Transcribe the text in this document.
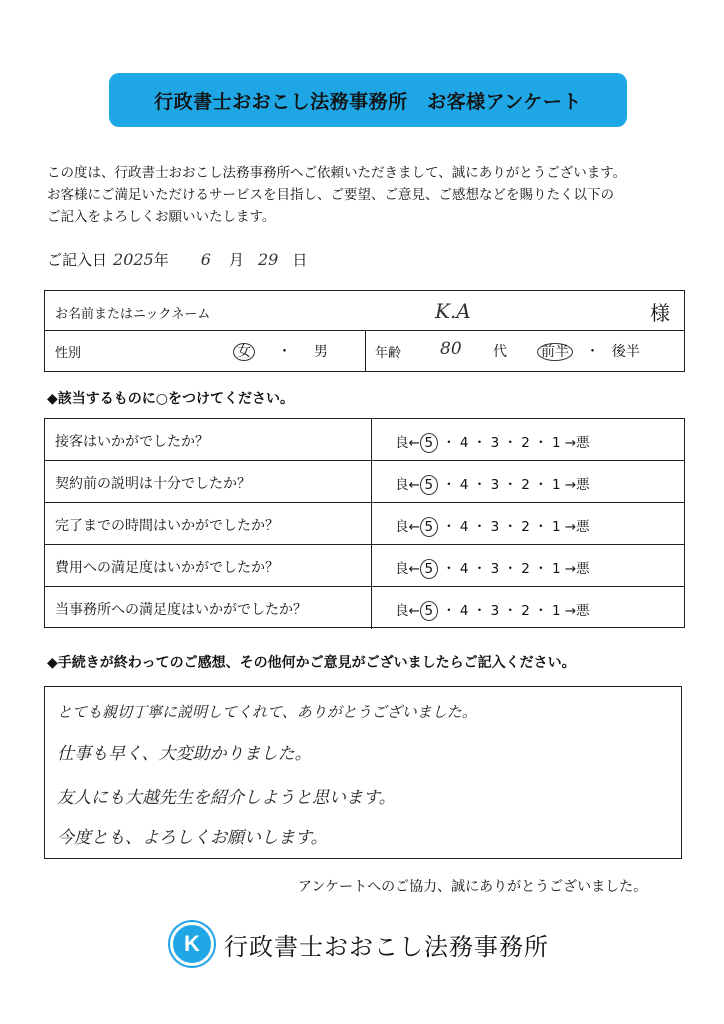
行政書士おおこし法務事務所　お客様アンケート
この度は、行政書士おおこし法務事務所へご依頼いただきまして、誠にありがとうございます。
お客様にご満足いただけるサービスを目指し、ご要望、ご意見、ご感想などを賜りたく以下の
ご記入をよろしくお願いいたします。
ご記入日 2025 年 6 月 29 日
お名前またはニックネーム	K.A	様
性別	女 ・ 男	年齢 80 代 前半 ・ 後半
◆該当するものに○をつけてください。
接客はいかがでしたか？	良← 5 ・ 4 ・ 3 ・ 2 ・ 1 →悪
契約前の説明は十分でしたか？	良← 5 ・ 4 ・ 3 ・ 2 ・ 1 →悪
完了までの時間はいかがでしたか？	良← 5 ・ 4 ・ 3 ・ 2 ・ 1 →悪
費用への満足度はいかがでしたか？	良← 5 ・ 4 ・ 3 ・ 2 ・ 1 →悪
当事務所への満足度はいかがでしたか？	良← 5 ・ 4 ・ 3 ・ 2 ・ 1 →悪
◆手続きが終わってのご感想、その他何かご意見がございましたらご記入ください。
とても親切丁寧に説明してくれて、ありがとうございました。
仕事も早く、大変助かりました。
友人にも大越先生を紹介しようと思います。
今度とも、よろしくお願いします。
アンケートへのご協力、誠にありがとうございました。
K 行政書士おおこし法務事務所
